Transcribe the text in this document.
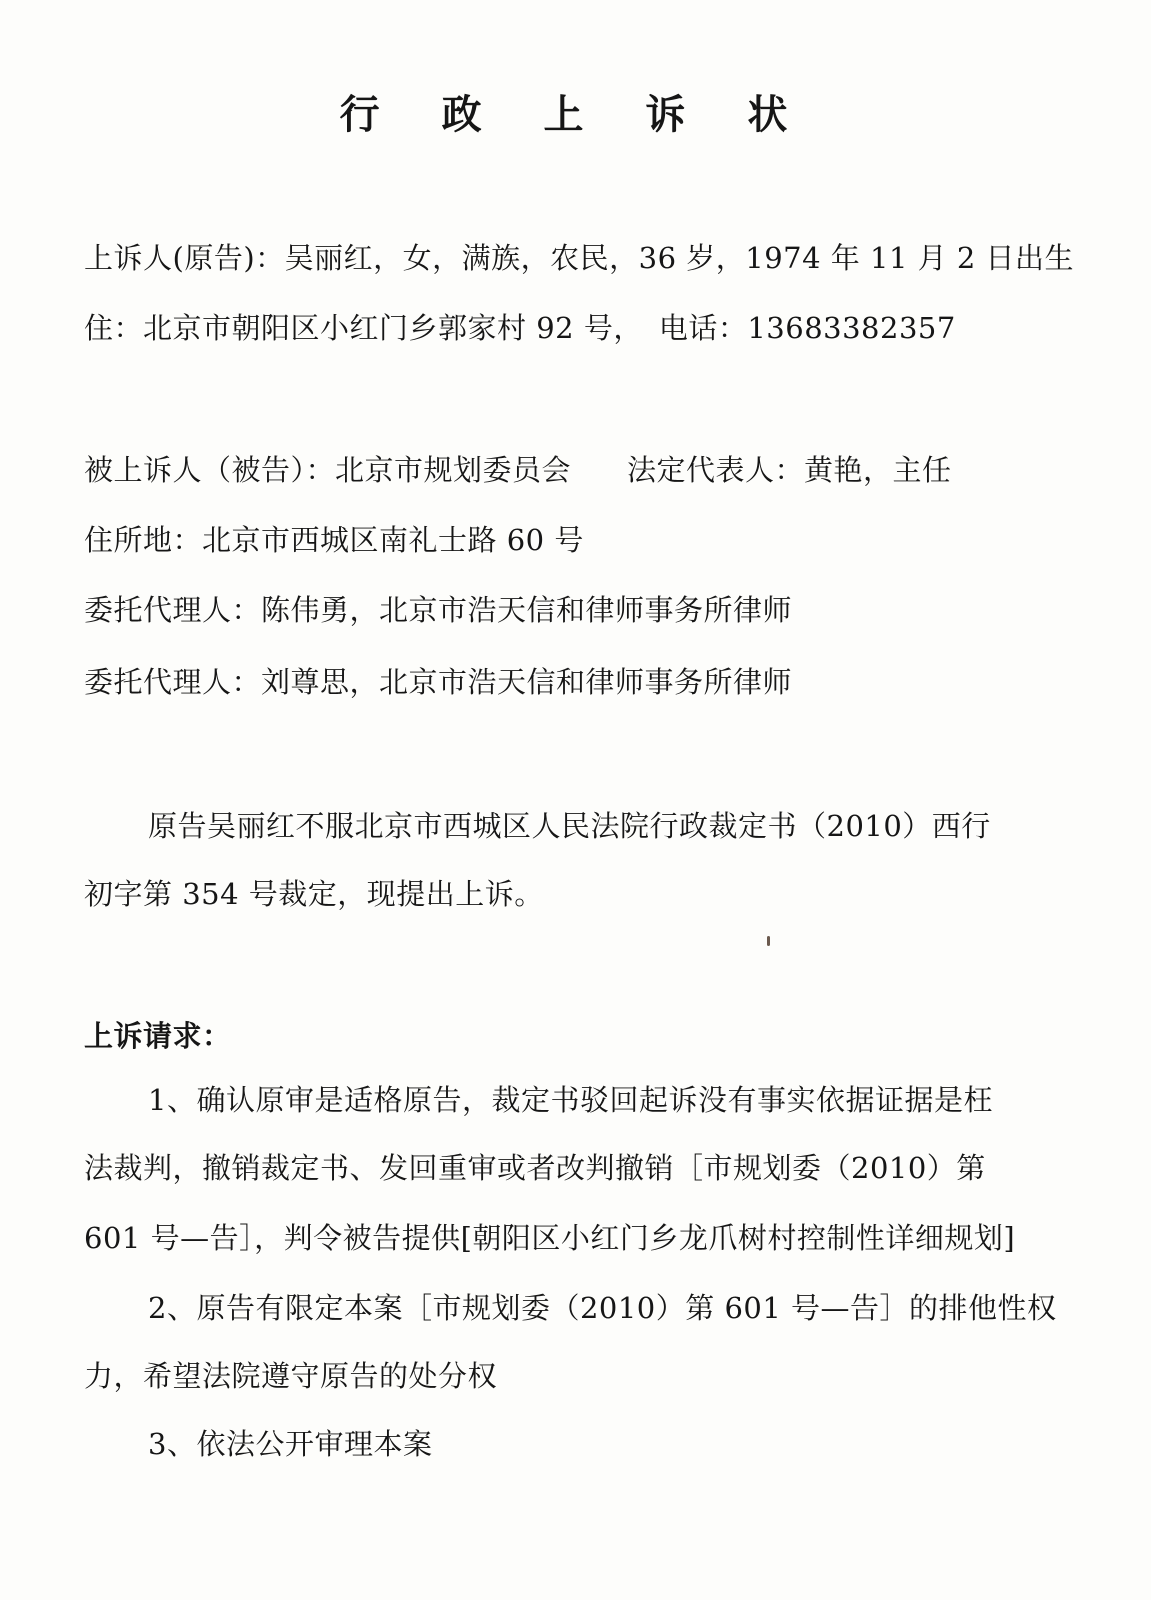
行 政 上 诉 状
上诉人(原告)：吴丽红，女，满族，农民，36 岁，1974 年 11 月 2 日出生
住：北京市朝阳区小红门乡郭家村 92 号， 电话：13683382357
被上诉人（被告）：北京市规划委员会 法定代表人：黄艳，主任
住所地：北京市西城区南礼士路 60 号
委托代理人：陈伟勇，北京市浩天信和律师事务所律师
委托代理人：刘尊思，北京市浩天信和律师事务所律师
原告吴丽红不服北京市西城区人民法院行政裁定书（2010）西行
初字第 354 号裁定，现提出上诉。
上诉请求：
1、确认原审是适格原告，裁定书驳回起诉没有事实依据证据是枉
法裁判，撤销裁定书、发回重审或者改判撤销［市规划委（2010）第
601 号—告］，判令被告提供[朝阳区小红门乡龙爪树村控制性详细规划]
2、原告有限定本案［市规划委（2010）第 601 号—告］的排他性权
力，希望法院遵守原告的处分权
3、依法公开审理本案
